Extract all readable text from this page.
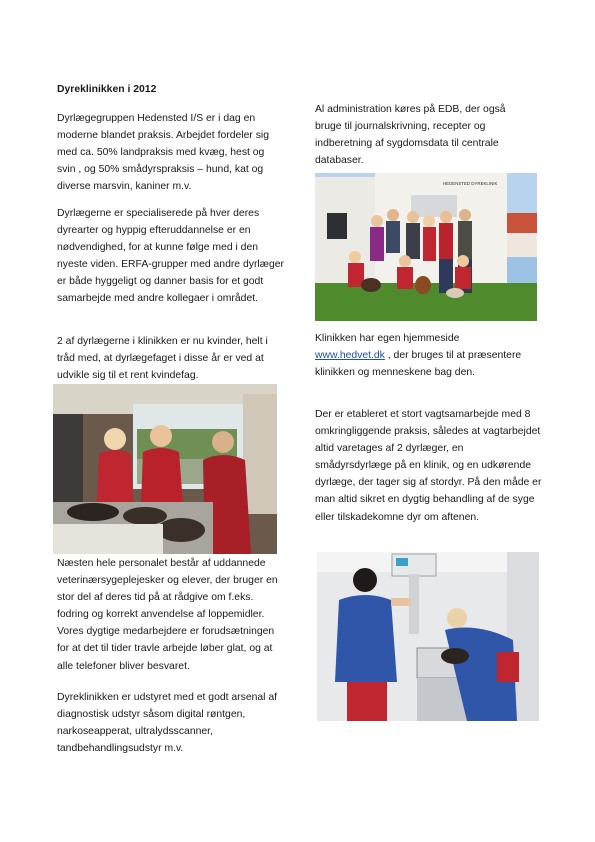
Dyreklinikken i 2012

Dyrlægegruppen Hedensted I/S er i dag en moderne blandet praksis. Arbejdet fordeler sig med ca. 50% landpraksis med kvæg, hest og svin , og 50% smådyrspraksis – hund, kat og diverse marsvin, kaniner m.v.

Dyrlægerne er specialiserede på hver deres dyrearter og hyppig efteruddannelse er en nødvendighed, for at kunne følge med i den nyeste viden. ERFA-grupper med andre dyrlæger er både hyggeligt og danner basis for et godt samarbejde med andre kollegaer i området.

2 af dyrlægerne i klinikken er nu kvinder, helt i tråd med, at dyrlægefaget i disse år er ved at udvikle sig til et rent kvindefag.

Næsten hele personalet består af uddannede veterinærsygeplejesker og elever, der bruger en stor del af deres tid på at rådgive om f.eks. fodring og korrekt anvendelse af loppemidler. Vores dygtige medarbejdere er forudsætningen for at det til tider travle arbejde løber glat, og at alle telefoner bliver besvaret.

Dyreklinikken er udstyret med et godt arsenal af diagnostisk udstyr såsom digital røntgen, narkoseapperat, ultralydsscanner, tandbehandlingsudstyr m.v.

Al administration køres på EDB, der også bruge til journalskrivning, recepter og indberetning af sygdomsdata til centrale databaser.

HEDENSTED DYREKLINIK

Klinikken har egen hjemmeside
www.hedvet.dk , der bruges til at præsentere klinikken og menneskene bag den.

Der er etableret et stort vagtsamarbejde med 8 omkringliggende praksis, således at vagtarbejdet altid varetages af 2 dyrlæger, en smådyrsdyrlæge på en klinik, og en udkørende dyrlæge, der tager sig af stordyr. På den måde er man altid sikret en dygtig behandling af de syge eller tilskadekomne dyr om aftenen.
